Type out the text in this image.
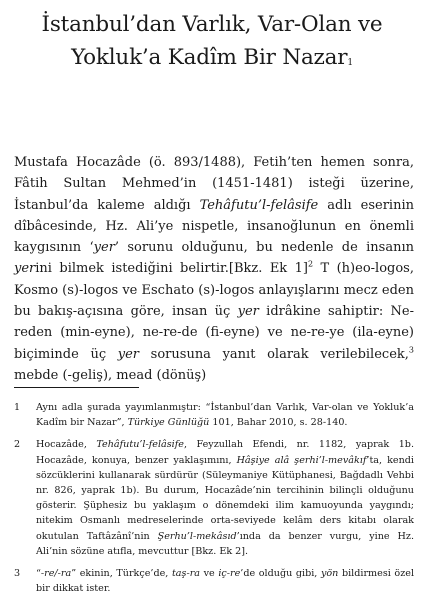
İstanbul’dan Varlık, Var-Olan ve
Yokluk’a Kadîm Bir Nazar$^1$
Mustafa Hocazâde (ö. 893/1488), Fetih’ten hemen sonra, Fâtih Sultan Mehmed’in (1451-1481) isteği üzerine, İstanbul’da kaleme aldığı Tehâfutu’l-felâsife adlı eserinin dîbâcesinde, Hz. Ali’ye nispetle, insanoğlunun en önemli kaygısının ‘yer’ sorunu olduğunu, bu nedenle de insanın yerini bilmek istediğini belirtir.[Bkz. Ek 1]$^2$ T (h)eo-logos, Kosmo (s)-logos ve Eschato (s)-logos anlayışlarını mecz eden bu bakış-açısına göre, insan üç yer idrâkine sahiptir: Ne-reden (min-eyne), ne-re-de (fi-eyne) ve ne-re-ye (ila-eyne) biçiminde üç yer sorusuna yanıt olarak verilebilecek,$^3$ mebde (-geliş), mead (dönüş)
1	Aynı adla şurada yayımlanmıştır: “İstanbul’dan Varlık, Var-olan ve Yokluk’a Kadîm bir Nazar”, Türkiye Günlüğü 101, Bahar 2010, s. 28-140.
2	Hocazâde, Tehâfutu’l-felâsife, Feyzullah Efendi, nr. 1182, yaprak 1b. Hocazâde, konuya, benzer yaklaşımını, Hâşiye alâ şerhi’l-mevâkıf’ta, kendi sözcüklerini kullanarak sürdürür (Süleymaniye Kütüphanesi, Bağdadlı Vehbi nr. 826, yaprak 1b). Bu durum, Hocazâde’nin tercihinin bilinçli olduğunu gösterir. Şüphesiz bu yaklaşım o dönemdeki ilim kamuoyunda yaygındı; nitekim Osmanlı medreselerinde orta-seviyede kelâm ders kitabı olarak okutulan Taftâzânî’nin Şerhu’l-mekâsıd’ında da benzer vurgu, yine Hz. Ali’nin sözüne atıfla, mevcuttur [Bkz. Ek 2].
3	“-re/-ra” ekinin, Türkçe’de, taş-ra ve iç-re’de olduğu gibi, yön bildirmesi özel bir dikkat ister.
